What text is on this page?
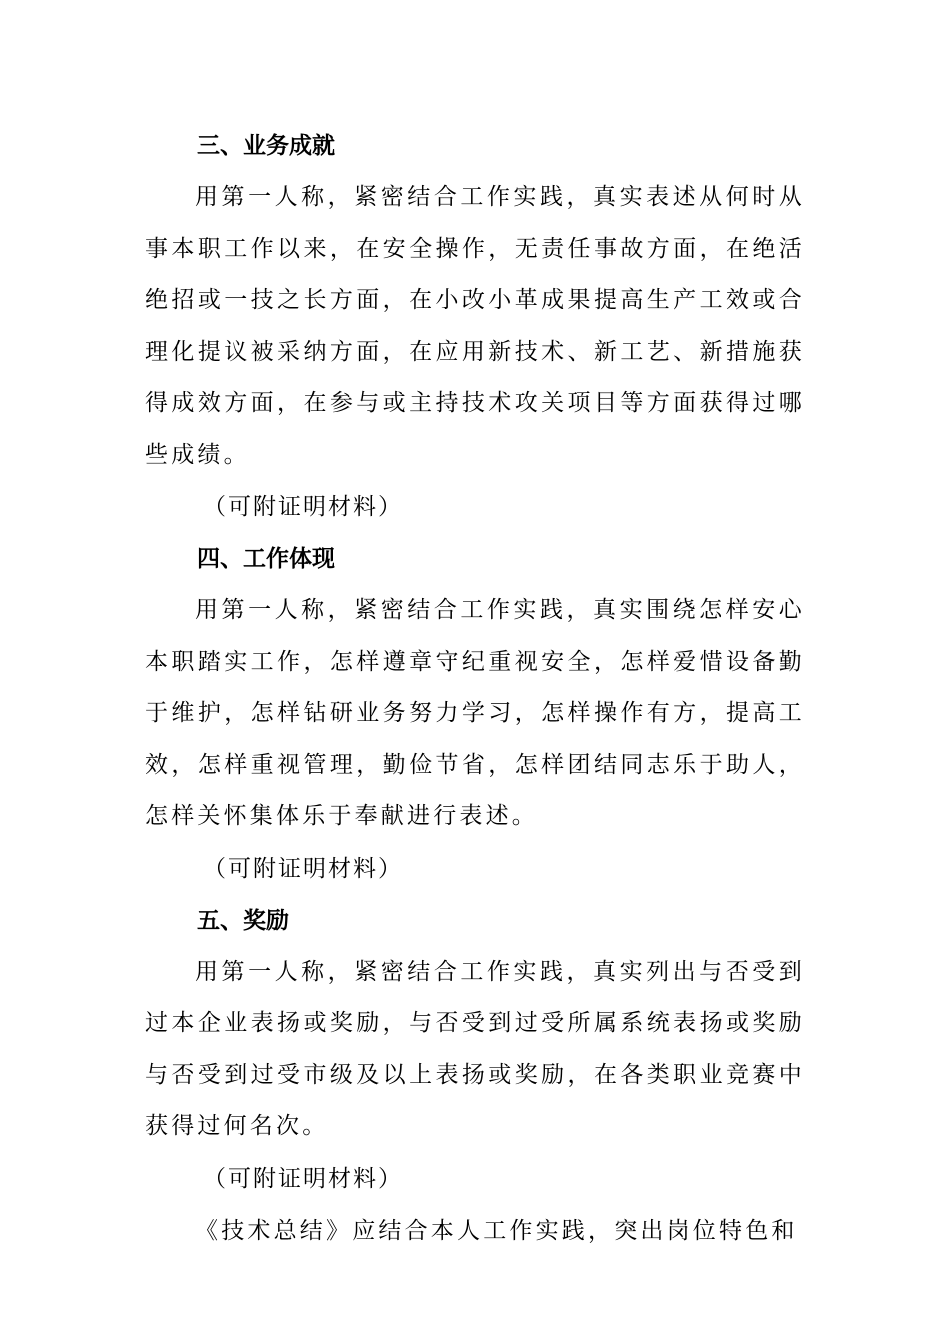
三、业务成就

用第一人称，紧密结合工作实践，真实表述从何时从事本职工作以来，在安全操作，无责任事故方面，在绝活绝招或一技之长方面，在小改小革成果提高生产工效或合理化提议被采纳方面，在应用新技术、新工艺、新措施获得成效方面，在参与或主持技术攻关项目等方面获得过哪些成绩。

（可附证明材料）
四、工作体现

用第一人称，紧密结合工作实践，真实围绕怎样安心本职踏实工作，怎样遵章守纪重视安全，怎样爱惜设备勤于维护，怎样钻研业务努力学习，怎样操作有方，提高工效，怎样重视管理，勤俭节省，怎样团结同志乐于助人，怎样关怀集体乐于奉献进行表述。

（可附证明材料）
五、奖励

用第一人称，紧密结合工作实践，真实列出与否受到过本企业表扬或奖励，与否受到过受所属系统表扬或奖励与否受到过受市级及以上表扬或奖励，在各类职业竞赛中获得过何名次。

（可附证明材料）
《技术总结》应结合本人工作实践，突出岗位特色和
